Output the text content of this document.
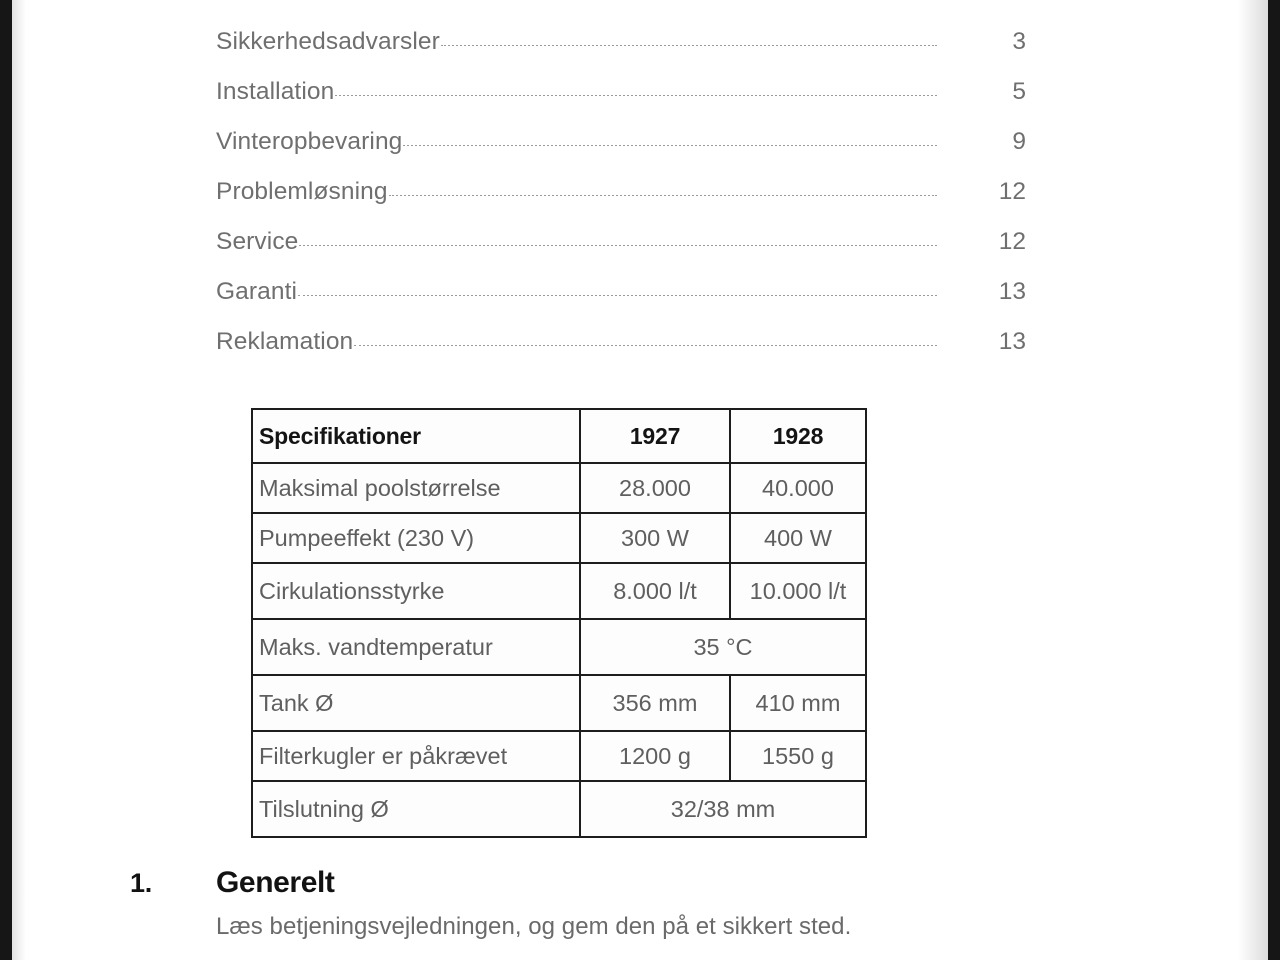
Sikkerhedsadvarsler	3
Installation	5
Vinteropbevaring	9
Problemløsning	12
Service	12
Garanti	13
Reklamation	13
Specifikationer	1927	1928
Maksimal poolstørrelse	28.000	40.000
Pumpeeffekt (230 V)	300 W	400 W
Cirkulationsstyrke	8.000 l/t	10.000 l/t
Maks. vandtemperatur	35 °C	
Tank Ø	356 mm	410 mm
Filterkugler er påkrævet	1200 g	1550 g
Tilslutning Ø	32/38 mm	
1.	Generelt
Læs betjeningsvejledningen, og gem den på et sikkert sted.
